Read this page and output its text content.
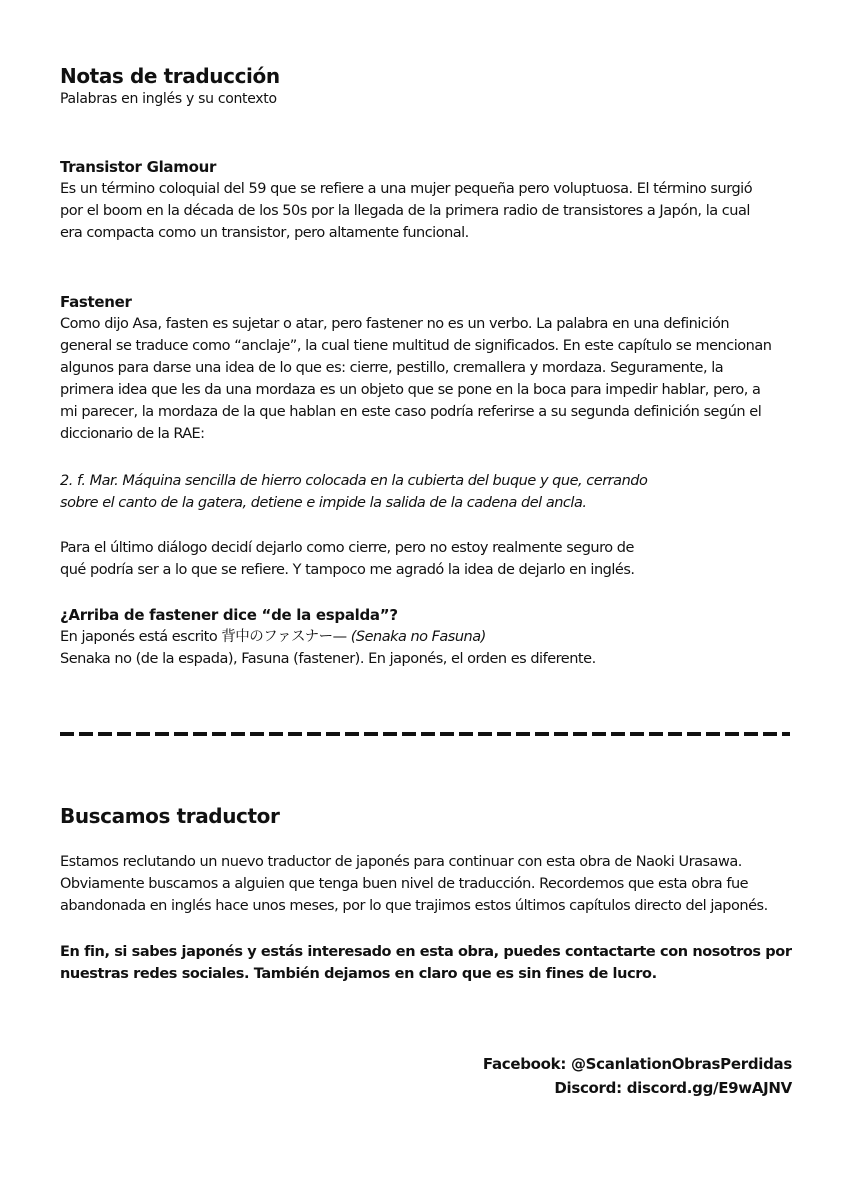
Notas de traducción
Palabras en inglés y su contexto
Transistor Glamour
Es un término coloquial del 59 que se refiere a una mujer pequeña pero voluptuosa. El término surgió
por el boom en la década de los 50s por la llegada de la primera radio de transistores a Japón, la cual
era compacta como un transistor, pero altamente funcional.
Fastener
Como dijo Asa, fasten es sujetar o atar, pero fastener no es un verbo. La palabra en una definición
general se traduce como “anclaje”, la cual tiene multitud de significados. En este capítulo se mencionan
algunos para darse una idea de lo que es: cierre, pestillo, cremallera y mordaza. Seguramente, la
primera idea que les da una mordaza es un objeto que se pone en la boca para impedir hablar, pero, a
mi parecer, la mordaza de la que hablan en este caso podría referirse a su segunda definición según el
diccionario de la RAE:
2. f. Mar. Máquina sencilla de hierro colocada en la cubierta del buque y que, cerrando
sobre el canto de la gatera, detiene e impide la salida de la cadena del ancla.
Para el último diálogo decidí dejarlo como cierre, pero no estoy realmente seguro de
qué podría ser a lo que se refiere. Y tampoco me agradó la idea de dejarlo en inglés.
¿Arriba de fastener dice “de la espalda”?
En japonés está escrito 背中のファスナー— (Senaka no Fasuna)
Senaka no (de la espada), Fasuna (fastener). En japonés, el orden es diferente.
Buscamos traductor
Estamos reclutando un nuevo traductor de japonés para continuar con esta obra de Naoki Urasawa.
Obviamente buscamos a alguien que tenga buen nivel de traducción. Recordemos que esta obra fue
abandonada en inglés hace unos meses, por lo que trajimos estos últimos capítulos directo del japonés.
En fin, si sabes japonés y estás interesado en esta obra, puedes contactarte con nosotros por
nuestras redes sociales. También dejamos en claro que es sin fines de lucro.
Facebook: @ScanlationObrasPerdidas
Discord: discord.gg/E9wAJNV
